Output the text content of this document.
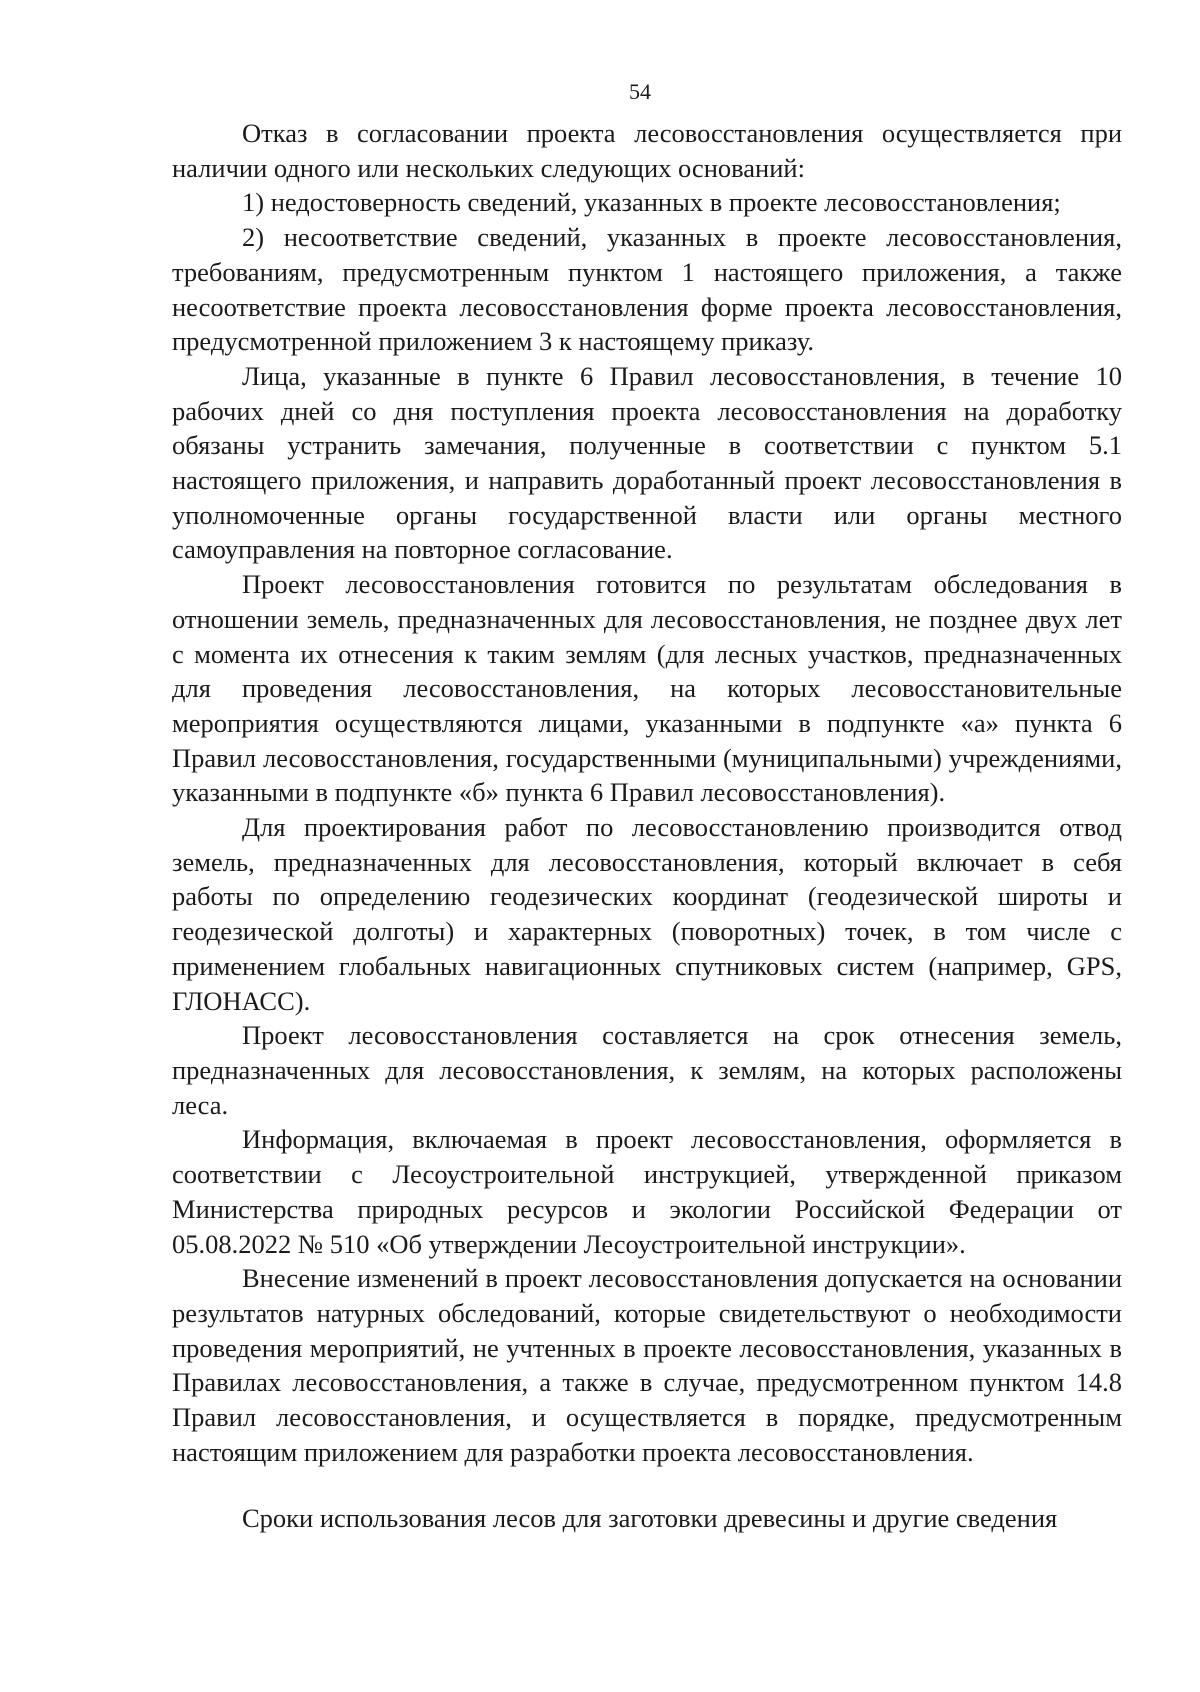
54

Отказ в согласовании проекта лесовосстановления осуществляется при наличии одного или нескольких следующих оснований:

1) недостоверность сведений, указанных в проекте лесовосстановления;

2) несоответствие сведений, указанных в проекте лесовосстановления, требованиям, предусмотренным пунктом 1 настоящего приложения, а также несоответствие проекта лесовосстановления форме проекта лесовосстановления, предусмотренной приложением 3 к настоящему приказу.

Лица, указанные в пункте 6 Правил лесовосстановления, в течение 10 рабочих дней со дня поступления проекта лесовосстановления на доработку обязаны устранить замечания, полученные в соответствии с пунктом 5.1 настоящего приложения, и направить доработанный проект лесовосстановления в уполномоченные органы государственной власти или органы местного самоуправления на повторное согласование.

Проект лесовосстановления готовится по результатам обследования в отношении земель, предназначенных для лесовосстановления, не позднее двух лет с момента их отнесения к таким землям (для лесных участков, предназначенных для проведения лесовосстановления, на которых лесовосстановительные мероприятия осуществляются лицами, указанными в подпункте «а» пункта 6 Правил лесовосстановления, государственными (муниципальными) учреждениями, указанными в подпункте «б» пункта 6 Правил лесовосстановления).

Для проектирования работ по лесовосстановлению производится отвод земель, предназначенных для лесовосстановления, который включает в себя работы по определению геодезических координат (геодезической широты и геодезической долготы) и характерных (поворотных) точек, в том числе с применением глобальных навигационных спутниковых систем (например, GPS, ГЛОНАСС).

Проект лесовосстановления составляется на срок отнесения земель, предназначенных для лесовосстановления, к землям, на которых расположены леса.

Информация, включаемая в проект лесовосстановления, оформляется в соответствии с Лесоустроительной инструкцией, утвержденной приказом Министерства природных ресурсов и экологии Российской Федерации от 05.08.2022 № 510 «Об утверждении Лесоустроительной инструкции».

Внесение изменений в проект лесовосстановления допускается на основании результатов натурных обследований, которые свидетельствуют о необходимости проведения мероприятий, не учтенных в проекте лесовосстановления, указанных в Правилах лесовосстановления, а также в случае, предусмотренном пунктом 14.8 Правил лесовосстановления, и осуществляется в порядке, предусмотренным настоящим приложением для разработки проекта лесовосстановления.

Сроки использования лесов для заготовки древесины и другие сведения
